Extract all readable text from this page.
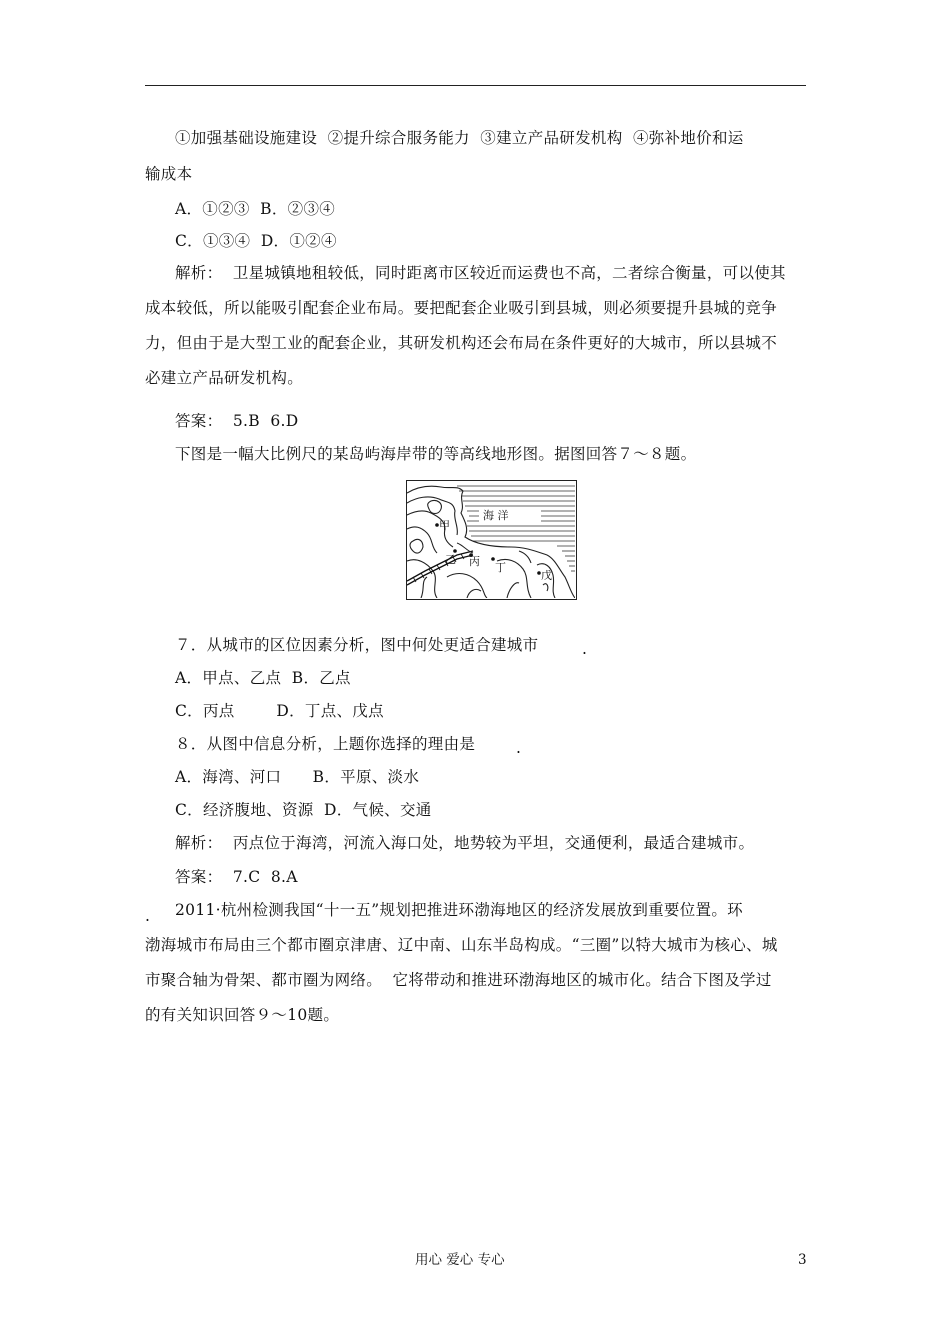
①加强基础设施建设  ②提升综合服务能力  ③建立产品研发机构  ④弥补地价和运
输成本
A．①②③  B．②③④
C．①③④  D．①②④
解析：  卫星城镇地租较低，同时距离市区较近而运费也不高，二者综合衡量，可以使其
成本较低，所以能吸引配套企业布局。要把配套企业吸引到县城，则必须要提升县城的竞争
力，但由于是大型工业的配套企业，其研发机构还会布局在条件更好的大城市，所以县城不
必建立产品研发机构。
答案：  5.B  6.D
下图是一幅大比例尺的某岛屿海岸带的等高线地形图。据图回答７～８题。
海 洋
甲
乙 丙 丁
戊
７．从城市的区位因素分析，图中何处更适合建城市	.
A．甲点、乙点  B．乙点
C．丙点        D．丁点、戊点
８．从图中信息分析，上题你选择的理由是	.
A．海湾、河口      B．平原、淡水
C．经济腹地、资源  D．气候、交通
解析：  丙点位于海湾，河流入海口处，地势较为平坦，交通便利，最适合建城市。
答案：  7.C  8.A
. 2011·杭州检测我国“十一五”规划把推进环渤海地区的经济发展放到重要位置。环
渤海城市布局由三个都市圈京津唐、辽中南、山东半岛构成。“三圈”以特大城市为核心、城
市聚合轴为骨架、都市圈为网络。  它将带动和推进环渤海地区的城市化。结合下图及学过
的有关知识回答９～10题。
用心 爱心 专心	3
